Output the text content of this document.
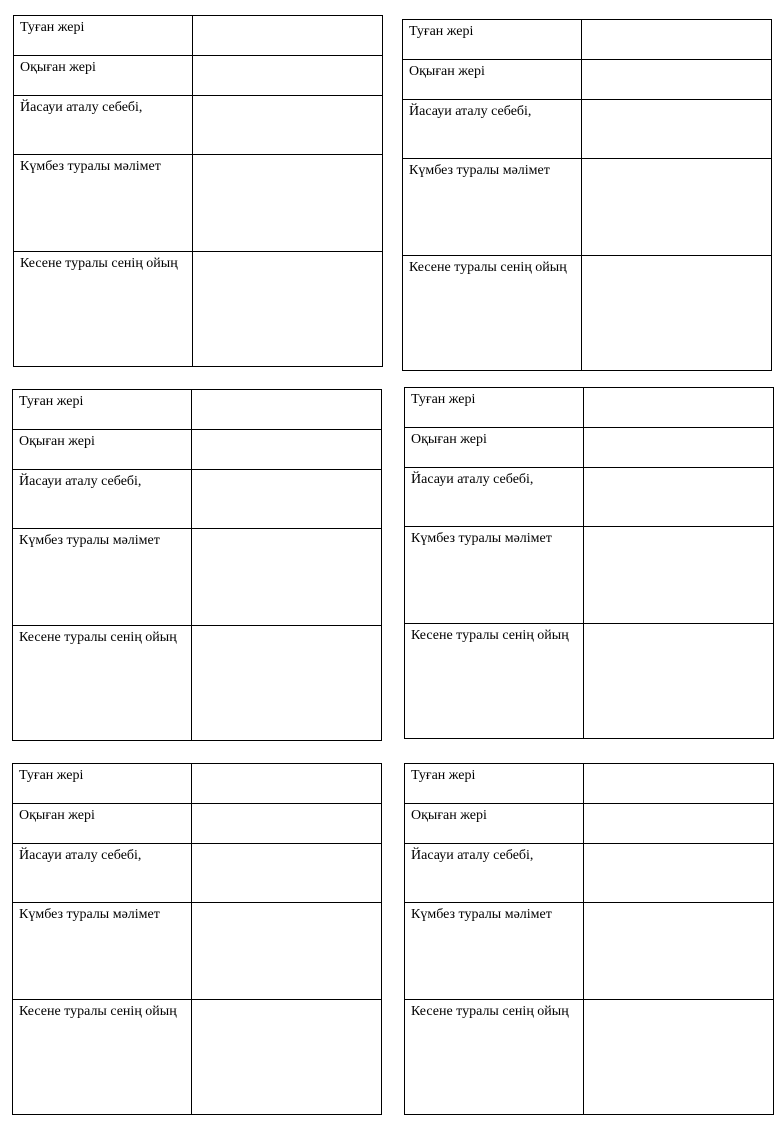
Туған жері	
Оқыған жері	
Йасауи аталу себебі,	
Күмбез туралы мәлімет	
Кесене туралы сенің ойың	
Туған жері	
Оқыған жері	
Йасауи аталу себебі,	
Күмбез туралы мәлімет	
Кесене туралы сенің ойың	
Туған жері	
Оқыған жері	
Йасауи аталу себебі,	
Күмбез туралы мәлімет	
Кесене туралы сенің ойың	
Туған жері	
Оқыған жері	
Йасауи аталу себебі,	
Күмбез туралы мәлімет	
Кесене туралы сенің ойың	
Туған жері	
Оқыған жері	
Йасауи аталу себебі,	
Күмбез туралы мәлімет	
Кесене туралы сенің ойың	
Туған жері	
Оқыған жері	
Йасауи аталу себебі,	
Күмбез туралы мәлімет	
Кесене туралы сенің ойың	
